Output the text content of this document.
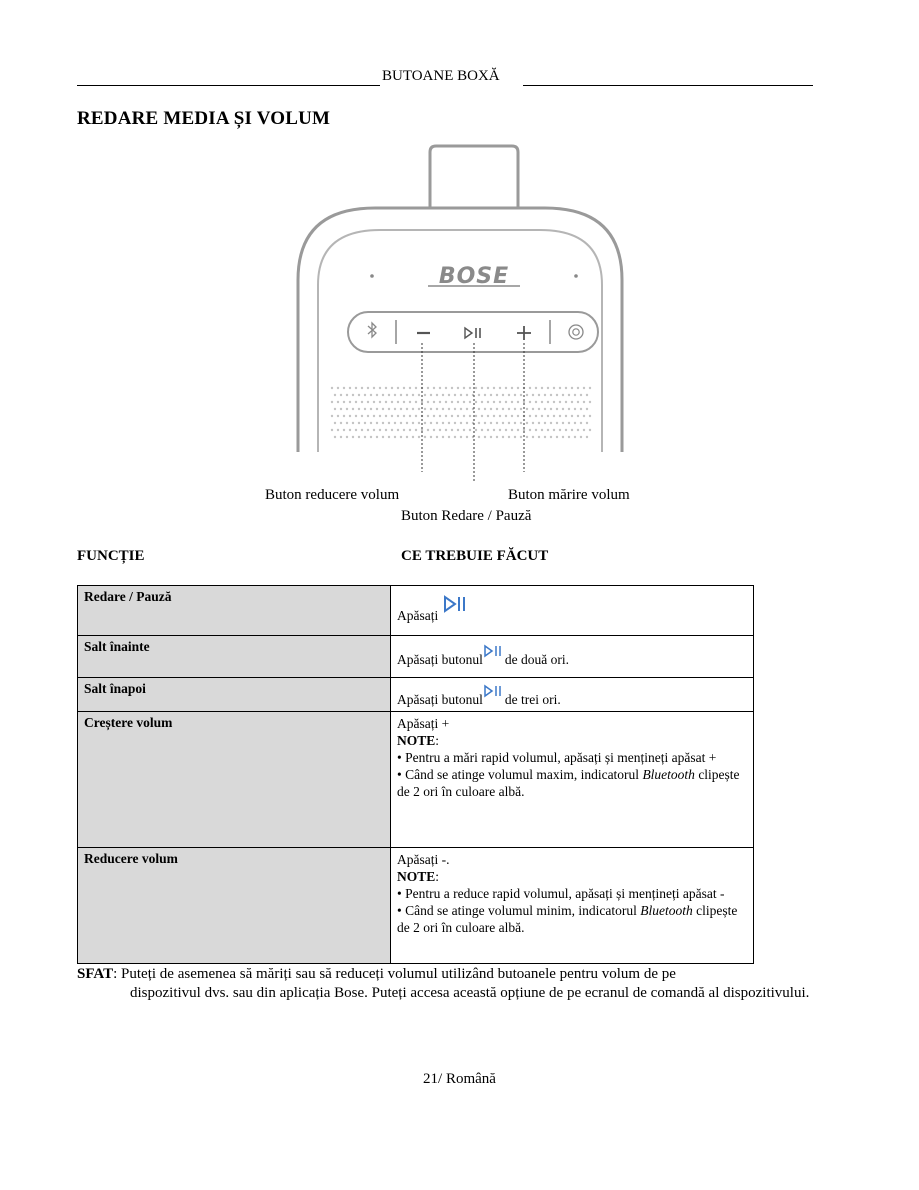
BUTOANE BOXĂ
REDARE MEDIA ȘI VOLUM
BOSE
Buton reducere volum	Buton mărire volum
Buton Redare / Pauză
FUNCȚIE	CE TREBUIE FĂCUT
Redare / Pauză	Apăsați
Salt înainte	Apăsați butonul de două ori.
Salt înapoi	Apăsați butonul de trei ori.
Creștere volum	Apăsați +
NOTE:
• Pentru a mări rapid volumul, apăsați și mențineți apăsat +
• Când se atinge volumul maxim, indicatorul Bluetooth clipește de 2 ori în culoare albă.

Reducere volum	Apăsați -.
NOTE:
• Pentru a reduce rapid volumul, apăsați și mențineți apăsat -
• Când se atinge volumul minim, indicatorul Bluetooth clipește de 2 ori în culoare albă.
SFAT: Puteți de asemenea să măriți sau să reduceți volumul utilizând butoanele pentru volum de pe
dispozitivul dvs. sau din aplicația Bose. Puteți accesa această opțiune de pe ecranul de comandă al dispozitivului.
21/ Română
